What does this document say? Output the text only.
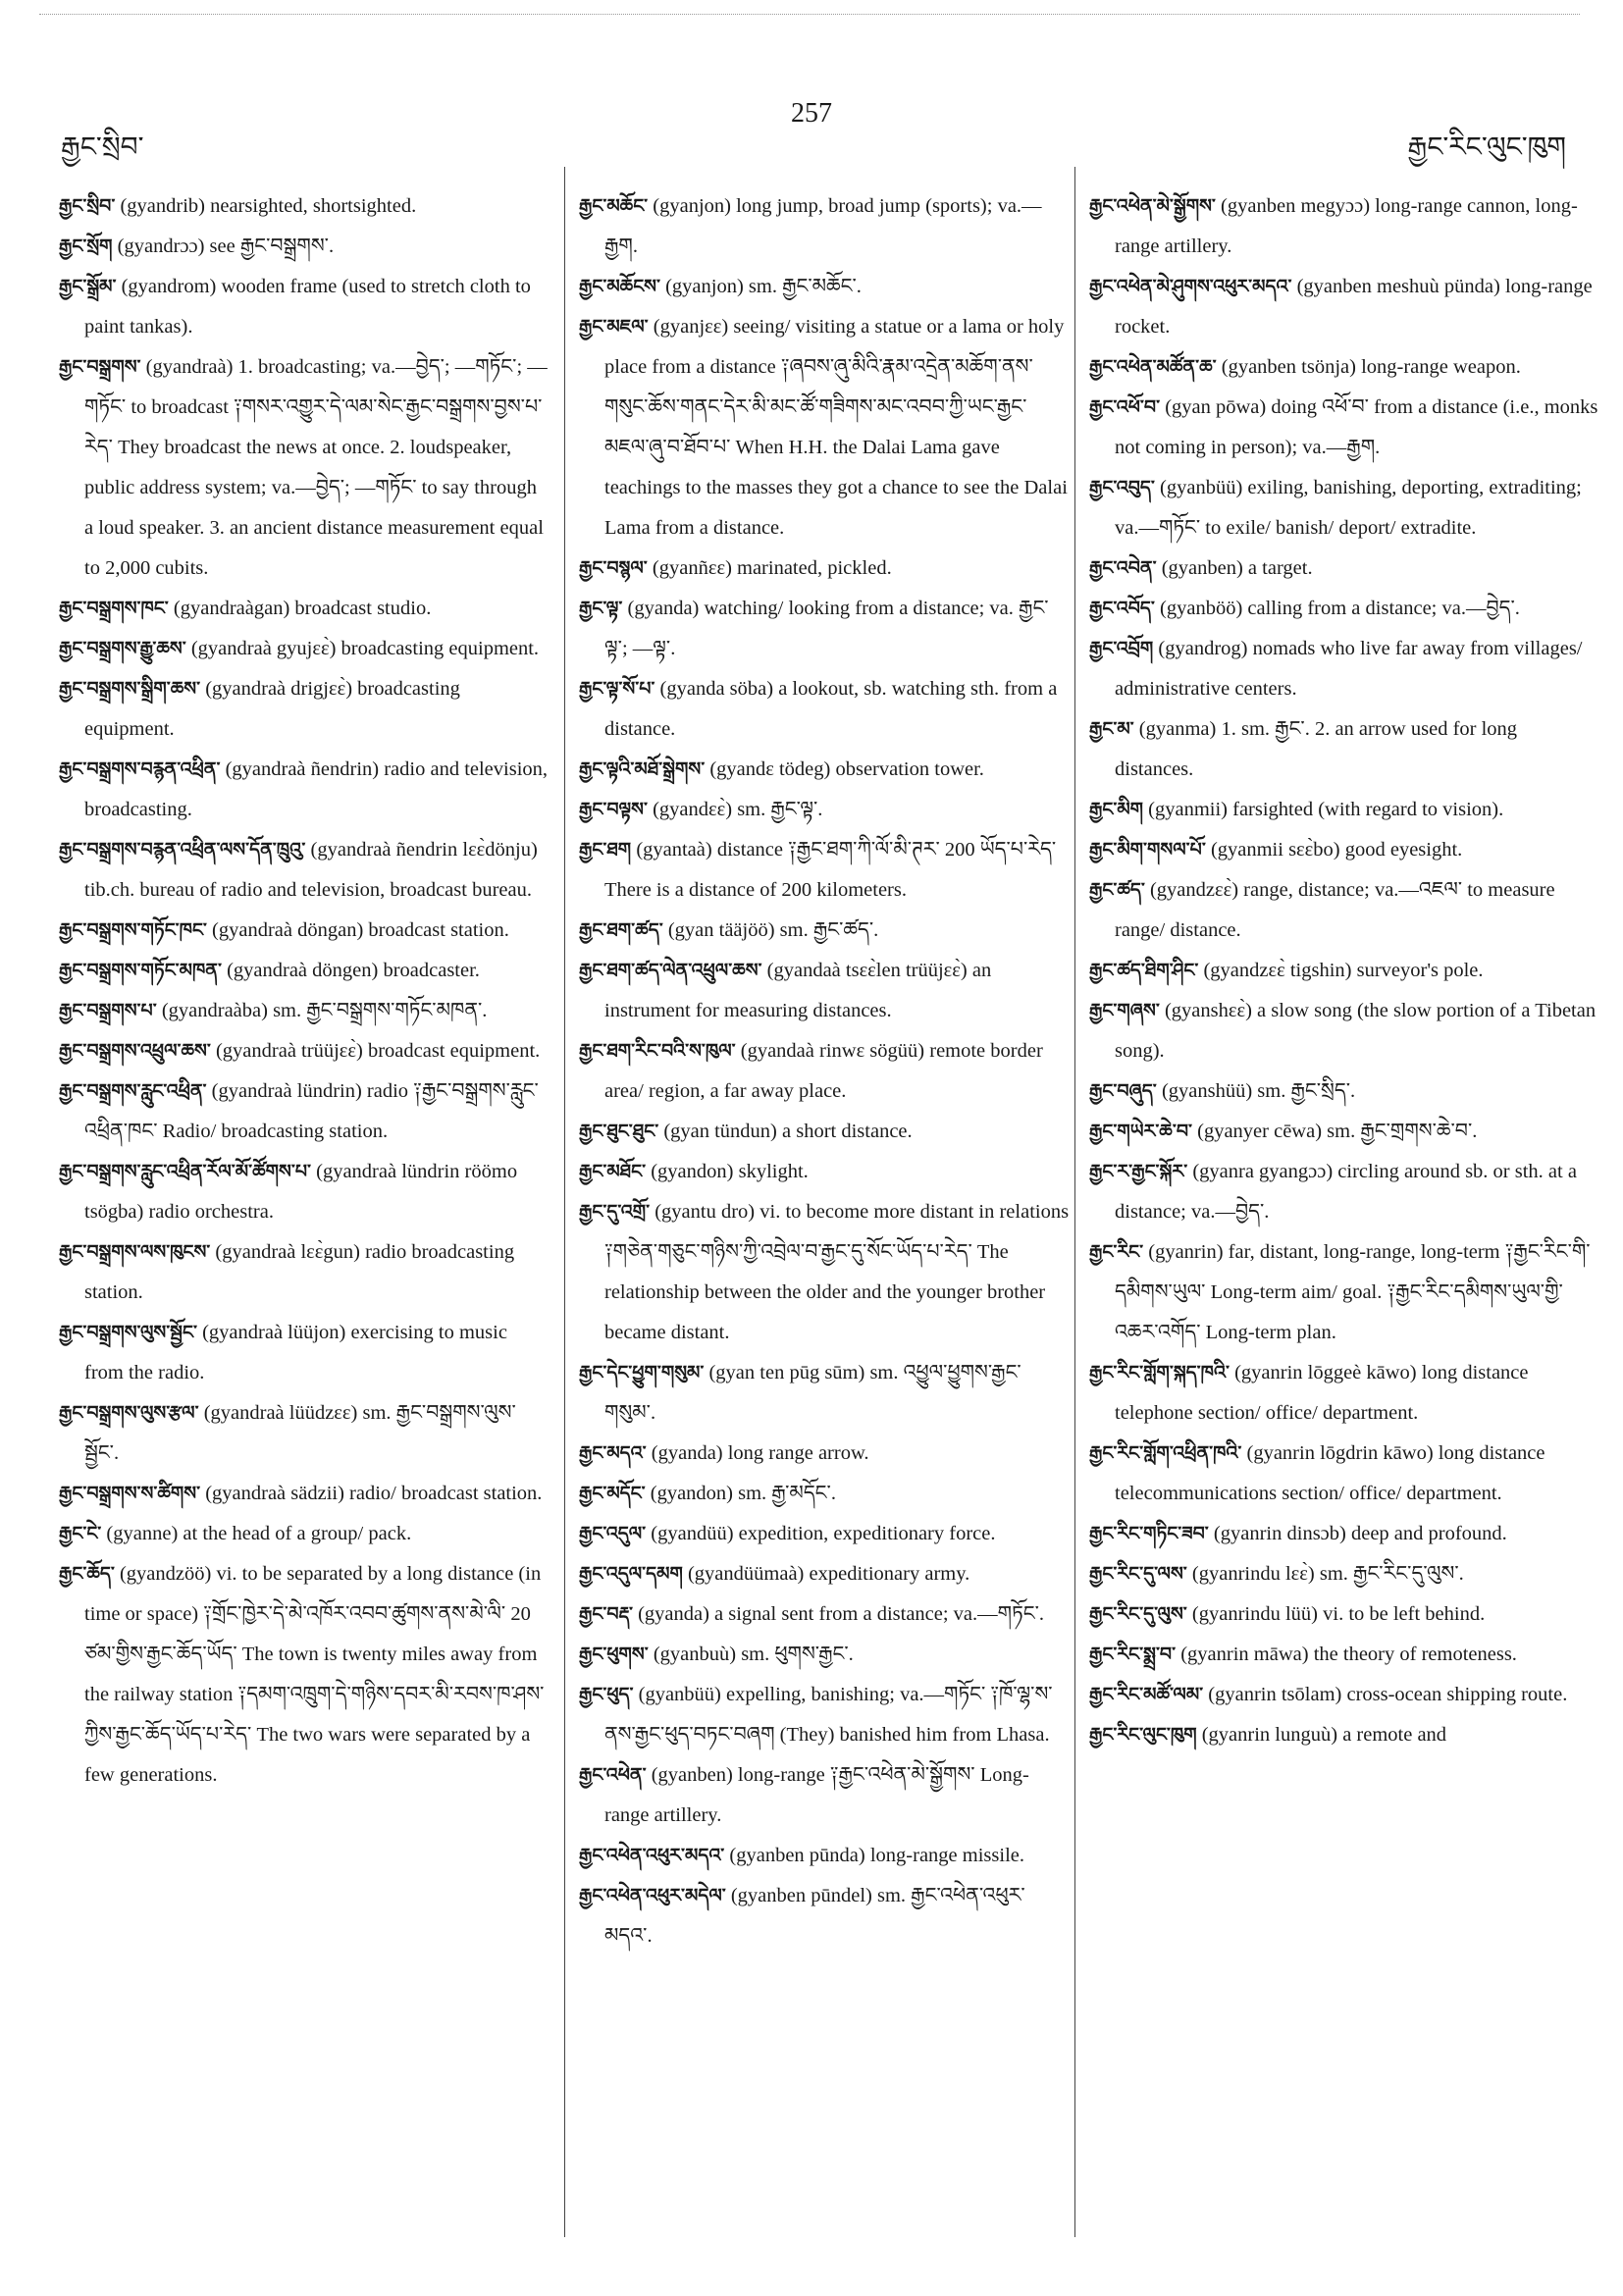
257
རྒྱང་སྲིབ་	རྒྱང་རིང་ལུང་ཁུག

རྒྱང་སྲིབ་ (gyandrib) nearsighted, shortsighted.

རྒྱང་སྲོག (gyandrɔɔ) see རྒྱང་བསྒྲགས་.

རྒྱང་སྒྲོམ་ (gyandrom) wooden frame (used to stretch cloth to paint tankas).

རྒྱང་བསྒྲགས་ (gyandraà) 1. broadcasting; va.—བྱེད་; —གཏོང་; —གཏོང་ to broadcast ༑གསར་འགྱུར་དེ་ལམ་སེང་རྒྱང་བསྒྲགས་བྱས་པ་རེད་ They broadcast the news at once. 2. loudspeaker, public address system; va.—བྱེད་; —གཏོང་ to say through a loud speaker. 3. an ancient distance measurement equal to 2,000 cubits.

རྒྱང་བསྒྲགས་ཁང་ (gyandraàgan) broadcast studio.

རྒྱང་བསྒྲགས་རྒྱུ་ཆས་ (gyandraà gyujɛɛ̀) broadcasting equipment.

རྒྱང་བསྒྲགས་སྒྲིག་ཆས་ (gyandraà drigjɛɛ̀) broadcasting equipment.

རྒྱང་བསྒྲགས་བརྙན་འཕྲིན་ (gyandraà ñendrin) radio and television, broadcasting.

རྒྱང་བསྒྲགས་བརྙན་འཕྲིན་ལས་དོན་ཁྲུའུ་ (gyandraà ñendrin lɛɛ̀dönju) tib.ch. bureau of radio and television, broadcast bureau.

རྒྱང་བསྒྲགས་གཏོང་ཁང་ (gyandraà döngan) broadcast station.

རྒྱང་བསྒྲགས་གཏོང་མཁན་ (gyandraà döngen) broadcaster.

རྒྱང་བསྒྲགས་པ་ (gyandraàba) sm. རྒྱང་བསྒྲགས་གཏོང་མཁན་.

རྒྱང་བསྒྲགས་འཕྲུལ་ཆས་ (gyandraà trüüjɛɛ̀) broadcast equipment.

རྒྱང་བསྒྲགས་རླུང་འཕྲིན་ (gyandraà lündrin) radio ༑རྒྱང་བསྒྲགས་རླུང་འཕྲིན་ཁང་ Radio/ broadcasting station.

རྒྱང་བསྒྲགས་རླུང་འཕྲིན་རོལ་མོ་ཚོགས་པ་ (gyandraà lündrin röömo tsögba) radio orchestra.

རྒྱང་བསྒྲགས་ལས་ཁུངས་ (gyandraà lɛɛ̀gun) radio broadcasting station.

རྒྱང་བསྒྲགས་ལུས་སྦྱོང་ (gyandraà lüüjon) exercising to music from the radio.

རྒྱང་བསྒྲགས་ལུས་རྩལ་ (gyandraà lüüdzɛɛ) sm. རྒྱང་བསྒྲགས་ལུས་སྦྱོང་.

རྒྱང་བསྒྲགས་ས་ཚིགས་ (gyandraà sädzii) radio/ broadcast station.

རྒྱང་ངེ་ (gyanne) at the head of a group/ pack.

རྒྱང་ཆོད་ (gyandzöö) vi. to be separated by a long distance (in time or space) ༑གྲོང་ཁྱེར་དེ་མེ་འཁོར་འབབ་ཚུགས་ནས་མེ་ལི་ 20 ཙམ་གྱིས་རྒྱང་ཆོད་ཡོད་ The town is twenty miles away from the railway station ༑དམག་འཁྲུག་དེ་གཉིས་དབར་མི་རབས་ཁ་ཤས་ཀྱིས་རྒྱང་ཆོད་ཡོད་པ་རེད་ The two wars were separated by a few generations.

རྒྱང་མཆོང་ (gyanjon) long jump, broad jump (sports); va.—རྒྱག.

རྒྱང་མཆོངས་ (gyanjon) sm. རྒྱང་མཆོང་.

རྒྱང་མཇལ་ (gyanjɛɛ) seeing/ visiting a statue or a lama or holy place from a distance ༑ཞབས་ཞུ་མིའི་རྣམ་འདྲེན་མཆོག་ནས་གསུང་ཆོས་གནང་དེར་མི་མང་ཚོ་གཟིགས་མང་འབབ་ཀྱི་ཡང་རྒྱང་མཇལ་ཞུ་བ་ཐོབ་པ་ When H.H. the Dalai Lama gave teachings to the masses they got a chance to see the Dalai Lama from a distance.

རྒྱང་བསྙལ་ (gyanñɛɛ) marinated, pickled.

རྒྱང་ལྟ་ (gyanda) watching/ looking from a distance; va. རྒྱང་ལྟ་; —ལྟ་.

རྒྱང་ལྟ་སོ་པ་ (gyanda söba) a lookout, sb. watching sth. from a distance.

རྒྱང་ལྟའི་མཐོ་སྒྲེགས་ (gyandɛ tödeg) observation tower.

རྒྱང་བལྟས་ (gyandɛɛ̀) sm. རྒྱང་ལྟ་.

རྒྱང་ཐག (gyantaà) distance ༑རྒྱང་ཐག་ཀི་ལོ་མི་ཊར་ 200 ཡོད་པ་རེད་ There is a distance of 200 kilometers.

རྒྱང་ཐག་ཚད་ (gyan tääjöö) sm. རྒྱང་ཚད་.

རྒྱང་ཐག་ཚད་ལེན་འཕྲུལ་ཆས་ (gyandaà tsɛɛ̀len trüüjɛɛ̀) an instrument for measuring distances.

རྒྱང་ཐག་རིང་བའི་ས་ཁུལ་ (gyandaà rinwɛ sögüü) remote border area/ region, a far away place.

རྒྱང་ཐུང་ཐུང་ (gyan tündun) a short distance.

རྒྱང་མཐོང་ (gyandon) skylight.

རྒྱང་དུ་འགྲོ་ (gyantu dro) vi. to become more distant in relations ༑གཅེན་གཅུང་གཉིས་ཀྱི་འབྲེལ་བ་རྒྱང་དུ་སོང་ཡོད་པ་རེད་ The relationship between the older and the younger brother became distant.

རྒྱང་དེང་ཕྱུག་གསུམ་ (gyan ten pūg sūm) sm. འཕྱུལ་ཕྱུགས་རྒྱང་གསུམ་.

རྒྱང་མདའ་ (gyanda) long range arrow.

རྒྱང་མདོང་ (gyandon) sm. རྒྱ་མདོང་.

རྒྱང་འདུལ་ (gyandüü) expedition, expeditionary force.

རྒྱང་འདུལ་དམག (gyandüümaà) expeditionary army.

རྒྱང་བརྡ་ (gyanda) a signal sent from a distance; va.—གཏོང་.

རྒྱང་ཕུགས་ (gyanbuù) sm. ཕུགས་རྒྱང་.

རྒྱང་ཕུད་ (gyanbüü) expelling, banishing; va.—གཏོང་ ༑ཁོ་ལྷ་ས་ནས་རྒྱང་ཕུད་བཏང་བཞག (They) banished him from Lhasa.

རྒྱང་འཕེན་ (gyanben) long-range ༑རྒྱང་འཕེན་མེ་སྒྱོགས་ Long-range artillery.

རྒྱང་འཕེན་འཕུར་མདའ་ (gyanben pūnda) long-range missile.

རྒྱང་འཕེན་འཕུར་མདེལ་ (gyanben pūndel) sm. རྒྱང་འཕེན་འཕུར་མདའ་.

རྒྱང་འཕེན་མེ་སྒྱོགས་ (gyanben megyɔɔ) long-range cannon, long-range artillery.

རྒྱང་འཕེན་མེ་ཤུགས་འཕུར་མདའ་ (gyanben meshuù pünda) long-range rocket.

རྒྱང་འཕེན་མཚོན་ཆ་ (gyanben tsönja) long-range weapon.

རྒྱང་འཕོ་བ་ (gyan pōwa) doing འཕོ་བ་ from a distance (i.e., monks not coming in person); va.—རྒྱག.

རྒྱང་འབུད་ (gyanbüü) exiling, banishing, deporting, extraditing; va.—གཏོང་ to exile/ banish/ deport/ extradite.

རྒྱང་འབེན་ (gyanben) a target.

རྒྱང་འབོད་ (gyanböö) calling from a distance; va.—བྱེད་.

རྒྱང་འབྲོག (gyandrog) nomads who live far away from villages/ administrative centers.

རྒྱང་མ་ (gyanma) 1. sm. རྒྱང་. 2. an arrow used for long distances.

རྒྱང་མིག (gyanmii) farsighted (with regard to vision).

རྒྱང་མིག་གསལ་པོ་ (gyanmii sɛɛ̀bo) good eyesight.

རྒྱང་ཚད་ (gyandzɛɛ̀) range, distance; va.—འཇལ་ to measure range/ distance.

རྒྱང་ཚད་ཐིག་ཤིང་ (gyandzɛɛ̀ tigshin) surveyor's pole.

རྒྱང་གཞས་ (gyanshɛɛ̀) a slow song (the slow portion of a Tibetan song).

རྒྱང་བཞུད་ (gyanshüü) sm. རྒྱང་སྲིད་.

རྒྱང་གཡེར་ཆེ་བ་ (gyanyer cēwa) sm. རྒྱང་གྲགས་ཆེ་བ་.

རྒྱང་ར་རྒྱང་སྐོར་ (gyanra gyangɔɔ) circling around sb. or sth. at a distance; va.—བྱེད་.

རྒྱང་རིང་ (gyanrin) far, distant, long-range, long-term ༑རྒྱང་རིང་གི་དམིགས་ཡུལ་ Long-term aim/ goal. ༑རྒྱང་རིང་དམིགས་ཡུལ་གྱི་འཆར་འགོད་ Long-term plan.

རྒྱང་རིང་གློག་སྐད་ཁའི་ (gyanrin lōggeè kāwo) long distance telephone section/ office/ department.

རྒྱང་རིང་གློག་འཕྲིན་ཁའི་ (gyanrin lōgdrin kāwo) long distance telecommunications section/ office/ department.

རྒྱང་རིང་གཏིང་ཟབ་ (gyanrin dinsɔb) deep and profound.

རྒྱང་རིང་དུ་ལས་ (gyanrindu lɛɛ̀) sm. རྒྱང་རིང་དུ་ལུས་.

རྒྱང་རིང་དུ་ལུས་ (gyanrindu lüü) vi. to be left behind.

རྒྱང་རིང་སྨྲ་བ་ (gyanrin māwa) the theory of remoteness.

རྒྱང་རིང་མཚོ་ལམ་ (gyanrin tsōlam) cross-ocean shipping route.

རྒྱང་རིང་ལུང་ཁུག (gyanrin lunguù) a remote and
